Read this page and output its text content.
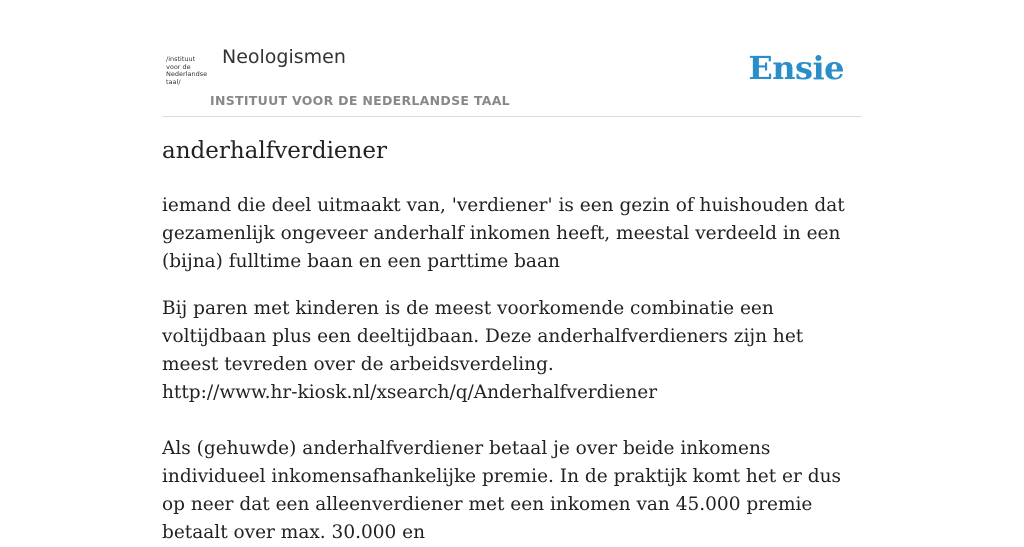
/instituut
voor de
Nederlandse
taal/
Neologismen
INSTITUUT VOOR DE NEDERLANDSE TAAL
Ensie
anderhalfverdiener

iemand die deel uitmaakt van, 'verdiener' is een gezin of huishouden dat gezamenlijk ongeveer anderhalf inkomen heeft, meestal verdeeld in een (bijna) fulltime baan en een parttime baan

Bij paren met kinderen is de meest voorkomende combinatie een voltijdbaan plus een deeltijdbaan. Deze anderhalfverdieners zijn het meest tevreden over de arbeidsverdeling.
http://www.hr-kiosk.nl/xsearch/q/Anderhalfverdiener
Als (gehuwde) anderhalfverdiener betaal je over beide inkomens individueel inkomensafhankelijke premie. In de praktijk komt het er dus op neer dat een alleenverdiener met een inkomen van 45.000 premie betaalt over max. 30.000 en
